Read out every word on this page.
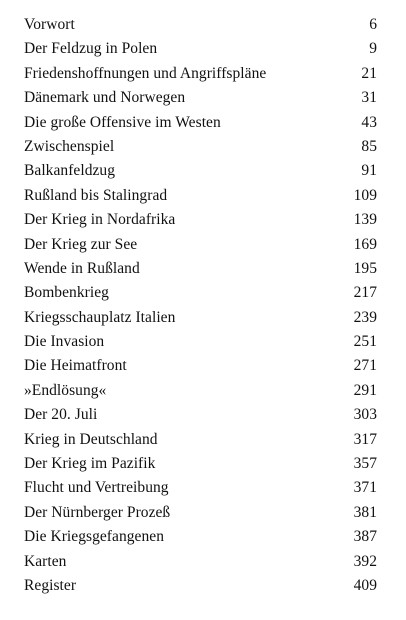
Vorwort	6
Der Feldzug in Polen	9
Friedenshoffnungen und Angriffspläne	21
Dänemark und Norwegen	31
Die große Offensive im Westen	43
Zwischenspiel	85
Balkanfeldzug	91
Rußland bis Stalingrad	109
Der Krieg in Nordafrika	139
Der Krieg zur See	169
Wende in Rußland	195
Bombenkrieg	217
Kriegsschauplatz Italien	239
Die Invasion	251
Die Heimatfront	271
»Endlösung«	291
Der 20. Juli	303
Krieg in Deutschland	317
Der Krieg im Pazifik	357
Flucht und Vertreibung	371
Der Nürnberger Prozeß	381
Die Kriegsgefangenen	387
Karten	392
Register	409
